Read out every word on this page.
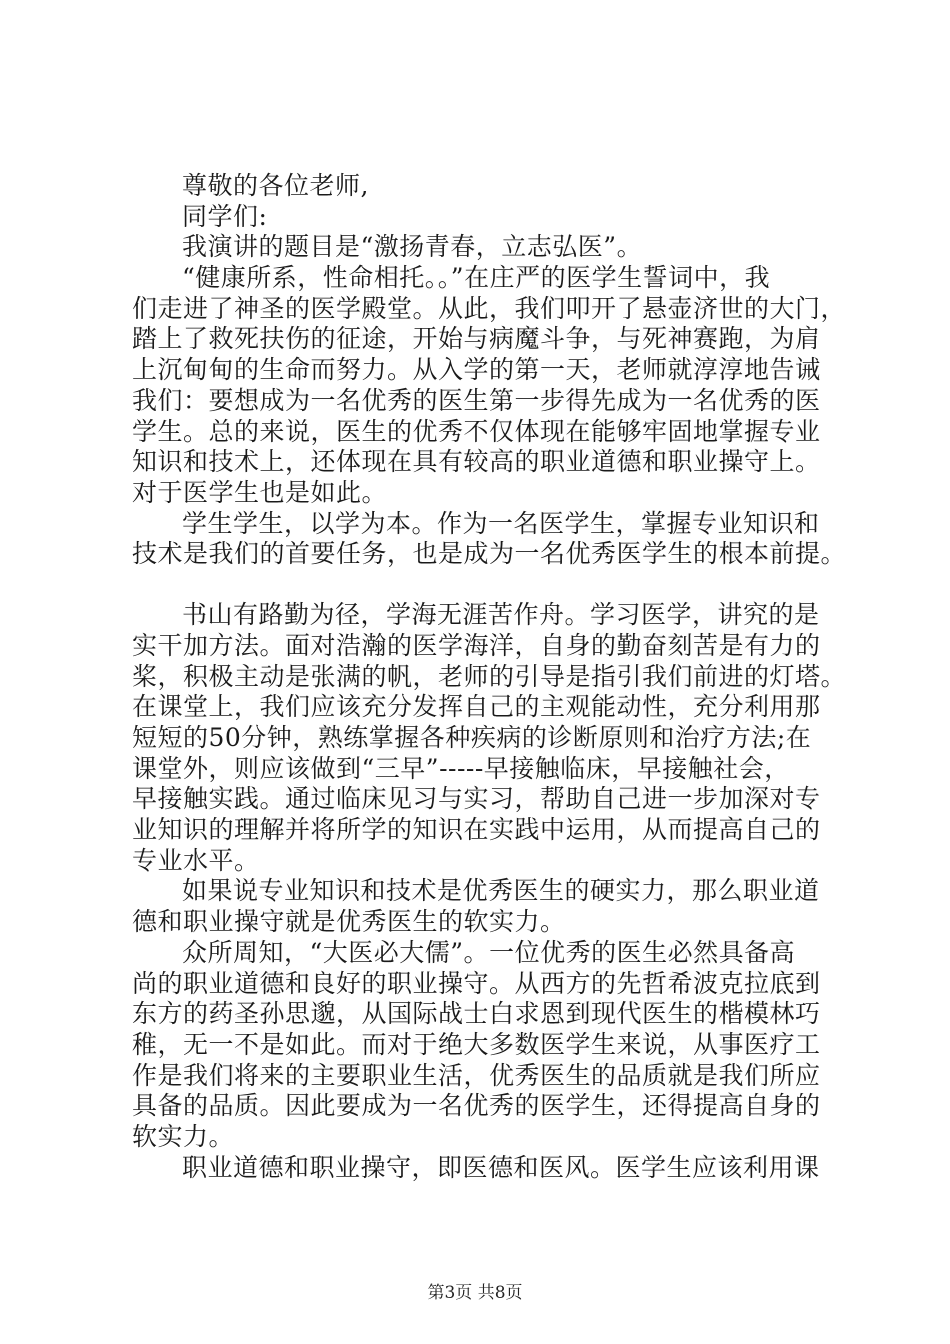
尊敬的各位老师,
同学们:
我演讲的题目是“激扬青春，立志弘医”。
“健康所系，性命相托。。”在庄严的医学生誓词中，我
们走进了神圣的医学殿堂。从此，我们叩开了悬壶济世的大门，
踏上了救死扶伤的征途，开始与病魔斗争，与死神赛跑，为肩
上沉甸甸的生命而努力。从入学的第一天，老师就淳淳地告诫
我们：要想成为一名优秀的医生第一步得先成为一名优秀的医
学生。总的来说，医生的优秀不仅体现在能够牢固地掌握专业
知识和技术上，还体现在具有较高的职业道德和职业操守上。
对于医学生也是如此。
学生学生，以学为本。作为一名医学生，掌握专业知识和
技术是我们的首要任务，也是成为一名优秀医学生的根本前提。
书山有路勤为径，学海无涯苦作舟。学习医学，讲究的是
实干加方法。面对浩瀚的医学海洋，自身的勤奋刻苦是有力的
桨，积极主动是张满的帆，老师的引导是指引我们前进的灯塔。
在课堂上，我们应该充分发挥自己的主观能动性，充分利用那
短短的50分钟，熟练掌握各种疾病的诊断原则和治疗方法;在
课堂外，则应该做到“三早”-----早接触临床，早接触社会，
早接触实践。通过临床见习与实习，帮助自己进一步加深对专
业知识的理解并将所学的知识在实践中运用，从而提高自己的
专业水平。
如果说专业知识和技术是优秀医生的硬实力，那么职业道
德和职业操守就是优秀医生的软实力。
众所周知，“大医必大儒”。一位优秀的医生必然具备高
尚的职业道德和良好的职业操守。从西方的先哲希波克拉底到
东方的药圣孙思邈，从国际战士白求恩到现代医生的楷模林巧
稚，无一不是如此。而对于绝大多数医学生来说，从事医疗工
作是我们将来的主要职业生活，优秀医生的品质就是我们所应
具备的品质。因此要成为一名优秀的医学生，还得提高自身的
软实力。
职业道德和职业操守，即医德和医风。医学生应该利用课
第3页 共8页
